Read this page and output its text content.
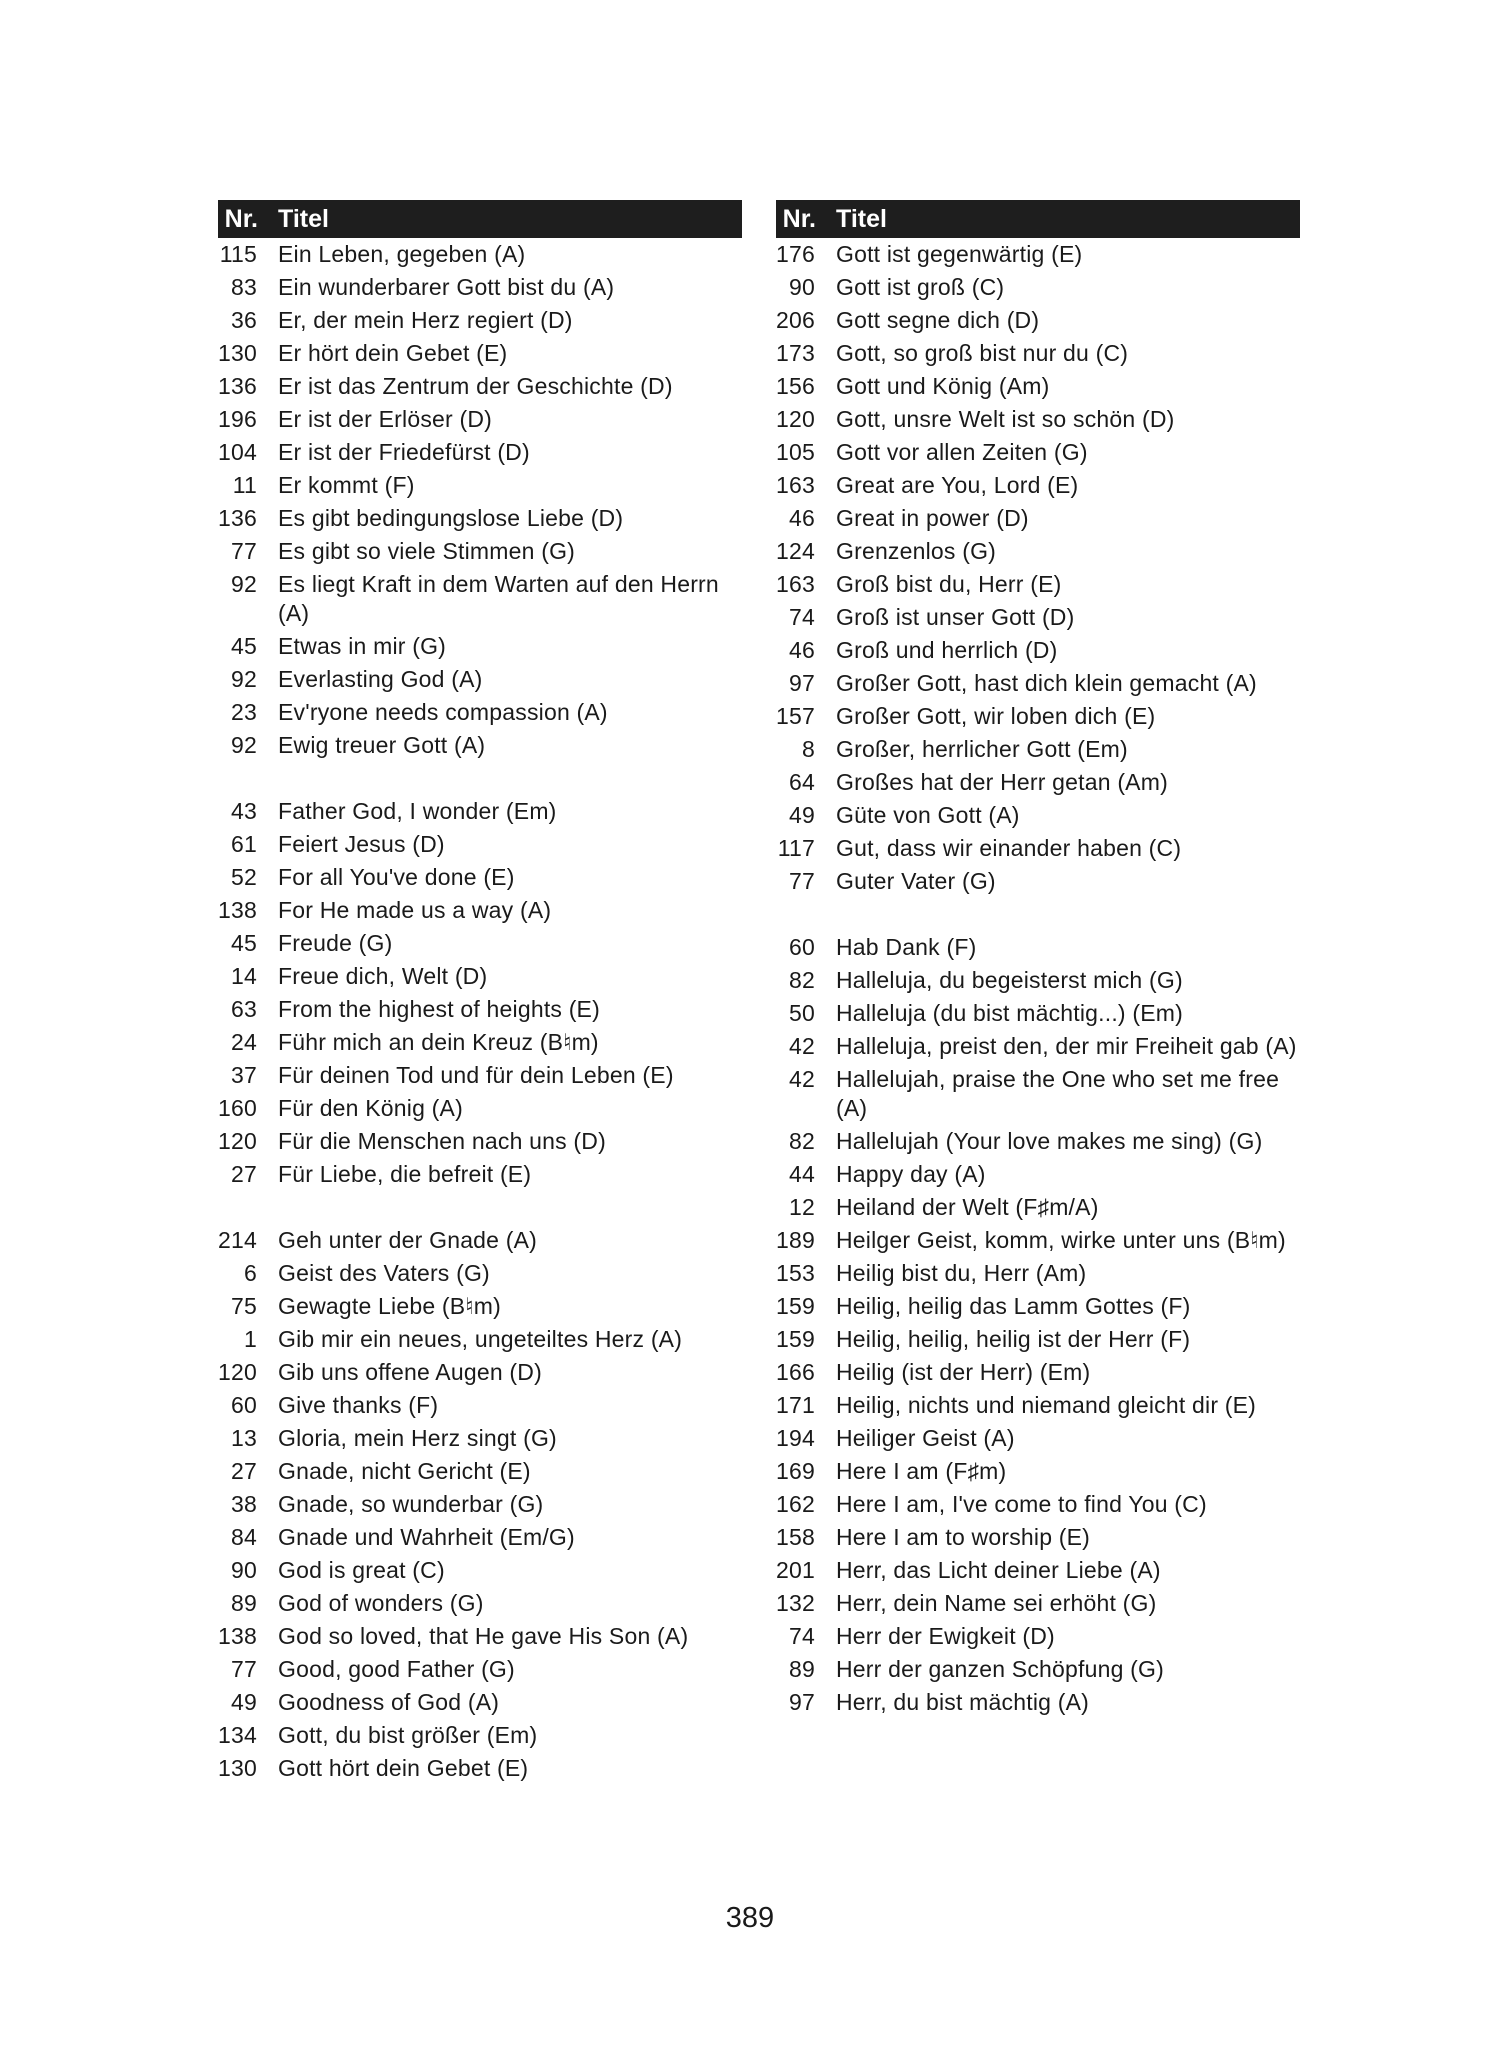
Nr. Titel
115 Ein Leben, gegeben (A)
83 Ein wunderbarer Gott bist du (A)
36 Er, der mein Herz regiert (D)
130 Er hört dein Gebet (E)
136 Er ist das Zentrum der Geschichte (D)
196 Er ist der Erlöser (D)
104 Er ist der Friedefürst (D)
11 Er kommt (F)
136 Es gibt bedingungslose Liebe (D)
77 Es gibt so viele Stimmen (G)
92 Es liegt Kraft in dem Warten auf den Herrn (A)
45 Etwas in mir (G)
92 Everlasting God (A)
23 Ev'ryone needs compassion (A)
92 Ewig treuer Gott (A)
43 Father God, I wonder (Em)
61 Feiert Jesus (D)
52 For all You've done (E)
138 For He made us a way (A)
45 Freude (G)
14 Freue dich, Welt (D)
63 From the highest of heights (E)
24 Führ mich an dein Kreuz (B♮m)
37 Für deinen Tod und für dein Leben (E)
160 Für den König (A)
120 Für die Menschen nach uns (D)
27 Für Liebe, die befreit (E)
214 Geh unter der Gnade (A)
6 Geist des Vaters (G)
75 Gewagte Liebe (B♮m)
1 Gib mir ein neues, ungeteiltes Herz (A)
120 Gib uns offene Augen (D)
60 Give thanks (F)
13 Gloria, mein Herz singt (G)
27 Gnade, nicht Gericht (E)
38 Gnade, so wunderbar (G)
84 Gnade und Wahrheit (Em/G)
90 God is great (C)
89 God of wonders (G)
138 God so loved, that He gave His Son (A)
77 Good, good Father (G)
49 Goodness of God (A)
134 Gott, du bist größer (Em)
130 Gott hört dein Gebet (E)
Nr. Titel
176 Gott ist gegenwärtig (E)
90 Gott ist groß (C)
206 Gott segne dich (D)
173 Gott, so groß bist nur du (C)
156 Gott und König (Am)
120 Gott, unsre Welt ist so schön (D)
105 Gott vor allen Zeiten (G)
163 Great are You, Lord (E)
46 Great in power (D)
124 Grenzenlos (G)
163 Groß bist du, Herr (E)
74 Groß ist unser Gott (D)
46 Groß und herrlich (D)
97 Großer Gott, hast dich klein gemacht (A)
157 Großer Gott, wir loben dich (E)
8 Großer, herrlicher Gott (Em)
64 Großes hat der Herr getan (Am)
49 Güte von Gott (A)
117 Gut, dass wir einander haben (C)
77 Guter Vater (G)
60 Hab Dank (F)
82 Halleluja, du begeisterst mich (G)
50 Halleluja (du bist mächtig...) (Em)
42 Halleluja, preist den, der mir Freiheit gab (A)
42 Hallelujah, praise the One who set me free (A)
82 Hallelujah (Your love makes me sing) (G)
44 Happy day (A)
12 Heiland der Welt (F♯m/A)
189 Heilger Geist, komm, wirke unter uns (B♮m)
153 Heilig bist du, Herr (Am)
159 Heilig, heilig das Lamm Gottes (F)
159 Heilig, heilig, heilig ist der Herr (F)
166 Heilig (ist der Herr) (Em)
171 Heilig, nichts und niemand gleicht dir (E)
194 Heiliger Geist (A)
169 Here I am (F♯m)
162 Here I am, I've come to find You (C)
158 Here I am to worship (E)
201 Herr, das Licht deiner Liebe (A)
132 Herr, dein Name sei erhöht (G)
74 Herr der Ewigkeit (D)
89 Herr der ganzen Schöpfung (G)
97 Herr, du bist mächtig (A)
389
